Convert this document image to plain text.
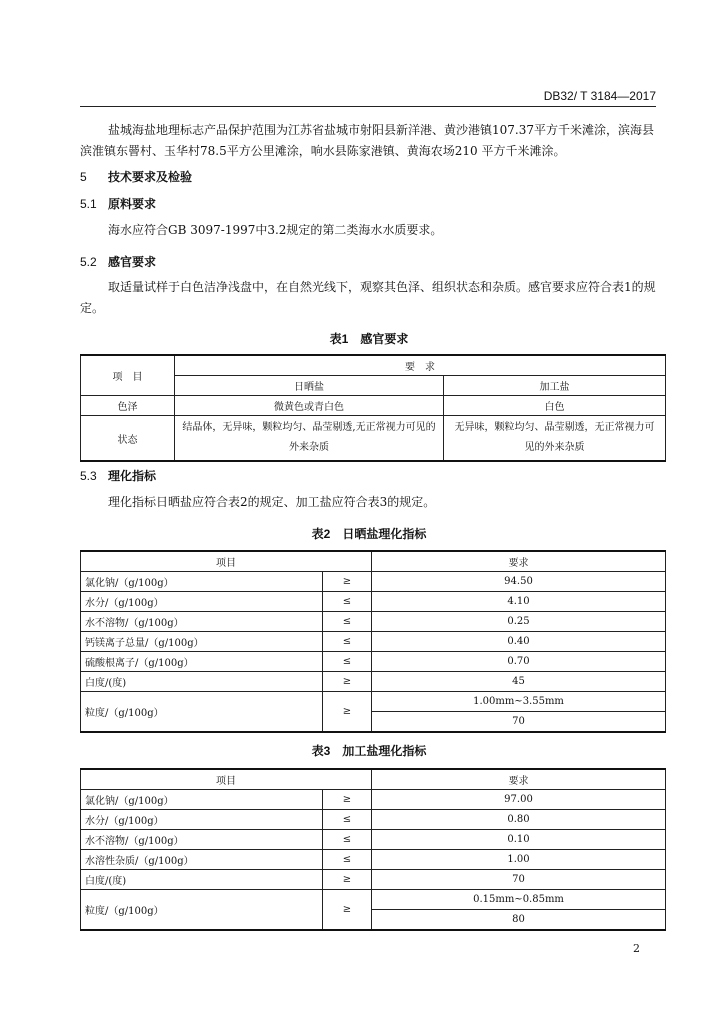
DB32/ T 3184—2017
盐城海盐地理标志产品保护范围为江苏省盐城市射阳县新洋港、黄沙港镇107.37平方千米滩涂，滨海县滨淮镇东罾村、玉华村78.5平方公里滩涂，响水县陈家港镇、黄海农场210 平方千米滩涂。
5 技术要求及检验
5.1 原料要求
海水应符合GB 3097-1997中3.2规定的第二类海水水质要求。
5.2 感官要求
取适量试样于白色洁净浅盘中，在自然光线下，观察其色泽、组织状态和杂质。感官要求应符合表1的规定。
表1　感官要求
项　目	要　求	
	日晒盐	加工盐
色泽	微黄色或青白色	白色
状态	结晶体，无异味，颗粒均匀、晶莹剔透,无正常视力可见的外来杂质	无异味，颗粒均匀、晶莹剔透，无正常视力可见的外来杂质
5.3 理化指标
理化指标日晒盐应符合表2的规定、加工盐应符合表3的规定。
表2　日晒盐理化指标
项目		要求
氯化钠/（g/100g）	≥	94.50
水分/（g/100g）	≤	4.10
水不溶物/（g/100g）	≤	0.25
钙镁离子总量/（g/100g）	≤	0.40
硫酸根离子/（g/100g）	≤	0.70
白度/(度)	≥	45
粒度/（g/100g）	≥	1.00mm~3.55mm
		70
表3　加工盐理化指标
项目		要求
氯化钠/（g/100g）	≥	97.00
水分/（g/100g）	≤	0.80
水不溶物/（g/100g）	≤	0.10
水溶性杂质/（g/100g）	≤	1.00
白度/(度)	≥	70
粒度/（g/100g）	≥	0.15mm~0.85mm
		80
2
